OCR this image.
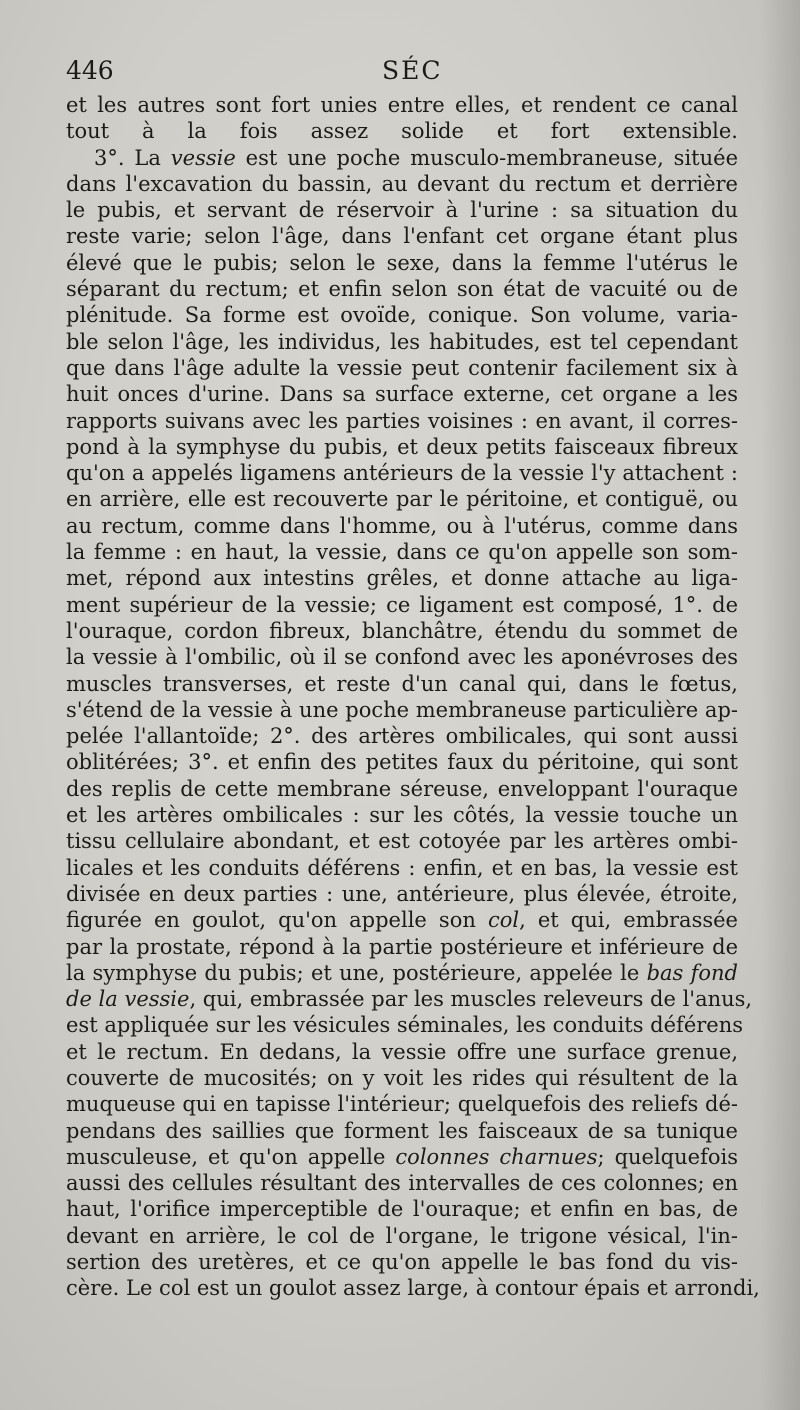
446	SÉC
et les autres sont fort unies entre elles, et rendent ce canal
tout à la fois assez solide et fort extensible.
3°. La vessie est une poche musculo-membraneuse, située
dans l'excavation du bassin, au devant du rectum et derrière
le pubis, et servant de réservoir à l'urine : sa situation du
reste varie; selon l'âge, dans l'enfant cet organe étant plus
élevé que le pubis; selon le sexe, dans la femme l'utérus le
séparant du rectum; et enfin selon son état de vacuité ou de
plénitude. Sa forme est ovoïde, conique. Son volume, varia-
ble selon l'âge, les individus, les habitudes, est tel cependant
que dans l'âge adulte la vessie peut contenir facilement six à
huit onces d'urine. Dans sa surface externe, cet organe a les
rapports suivans avec les parties voisines : en avant, il corres-
pond à la symphyse du pubis, et deux petits faisceaux fibreux
qu'on a appelés ligamens antérieurs de la vessie l'y attachent :
en arrière, elle est recouverte par le péritoine, et contiguë, ou
au rectum, comme dans l'homme, ou à l'utérus, comme dans
la femme : en haut, la vessie, dans ce qu'on appelle son som-
met, répond aux intestins grêles, et donne attache au liga-
ment supérieur de la vessie; ce ligament est composé, 1°. de
l'ouraque, cordon fibreux, blanchâtre, étendu du sommet de
la vessie à l'ombilic, où il se confond avec les aponévroses des
muscles transverses, et reste d'un canal qui, dans le fœtus,
s'étend de la vessie à une poche membraneuse particulière ap-
pelée l'allantoïde; 2°. des artères ombilicales, qui sont aussi
oblitérées; 3°. et enfin des petites faux du péritoine, qui sont
des replis de cette membrane séreuse, enveloppant l'ouraque
et les artères ombilicales : sur les côtés, la vessie touche un
tissu cellulaire abondant, et est cotoyée par les artères ombi-
licales et les conduits déférens : enfin, et en bas, la vessie est
divisée en deux parties : une, antérieure, plus élevée, étroite,
figurée en goulot, qu'on appelle son col, et qui, embrassée
par la prostate, répond à la partie postérieure et inférieure de
la symphyse du pubis; et une, postérieure, appelée le bas fond
de la vessie, qui, embrassée par les muscles releveurs de l'anus,
est appliquée sur les vésicules séminales, les conduits déférens
et le rectum. En dedans, la vessie offre une surface grenue,
couverte de mucosités; on y voit les rides qui résultent de la
muqueuse qui en tapisse l'intérieur; quelquefois des reliefs dé-
pendans des saillies que forment les faisceaux de sa tunique
musculeuse, et qu'on appelle colonnes charnues; quelquefois
aussi des cellules résultant des intervalles de ces colonnes; en
haut, l'orifice imperceptible de l'ouraque; et enfin en bas, de
devant en arrière, le col de l'organe, le trigone vésical, l'in-
sertion des uretères, et ce qu'on appelle le bas fond du vis-
cère. Le col est un goulot assez large, à contour épais et arrondi,
